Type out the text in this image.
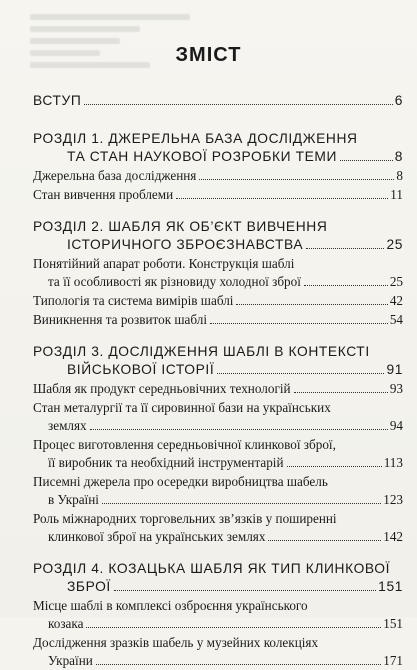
ЗМІСТ
ВСТУП	6
РОЗДІЛ 1. ДЖЕРЕЛЬНА БАЗА ДОСЛІДЖЕННЯ
ТА СТАН НАУКОВОЇ РОЗРОБКИ ТЕМИ	8
Джерельна база дослідження	8
Стан вивчення проблеми	11
РОЗДІЛ 2. ШАБЛЯ ЯК ОБ’ЄКТ ВИВЧЕННЯ
ІСТОРИЧНОГО ЗБРОЄЗНАВСТВА	25
Понятійний апарат роботи. Конструкція шаблі
та її особливості як різновиду холодної зброї	25
Типологія та система вимірів шаблі	42
Виникнення та розвиток шаблі	54
РОЗДІЛ 3. ДОСЛІДЖЕННЯ ШАБЛІ В КОНТЕКСТІ
ВІЙСЬКОВОЇ ІСТОРІЇ	91
Шабля як продукт середньовічних технологій	93
Стан металургії та її сировинної бази на українських
землях	94
Процес виготовлення середньовічної клинкової зброї,
її виробник та необхідний інструментарій	113
Писемні джерела про осередки виробництва шабель
в Україні	123
Роль міжнародних торговельних зв’язків у поширенні
клинкової зброї на українських землях	142
РОЗДІЛ 4. КОЗАЦЬКА ШАБЛЯ ЯК ТИП КЛИНКОВОЇ
ЗБРОЇ	151
Місце шаблі в комплексі озброєння українського
козака	151
Дослідження зразків шабель у музейних колекціях
України	171
